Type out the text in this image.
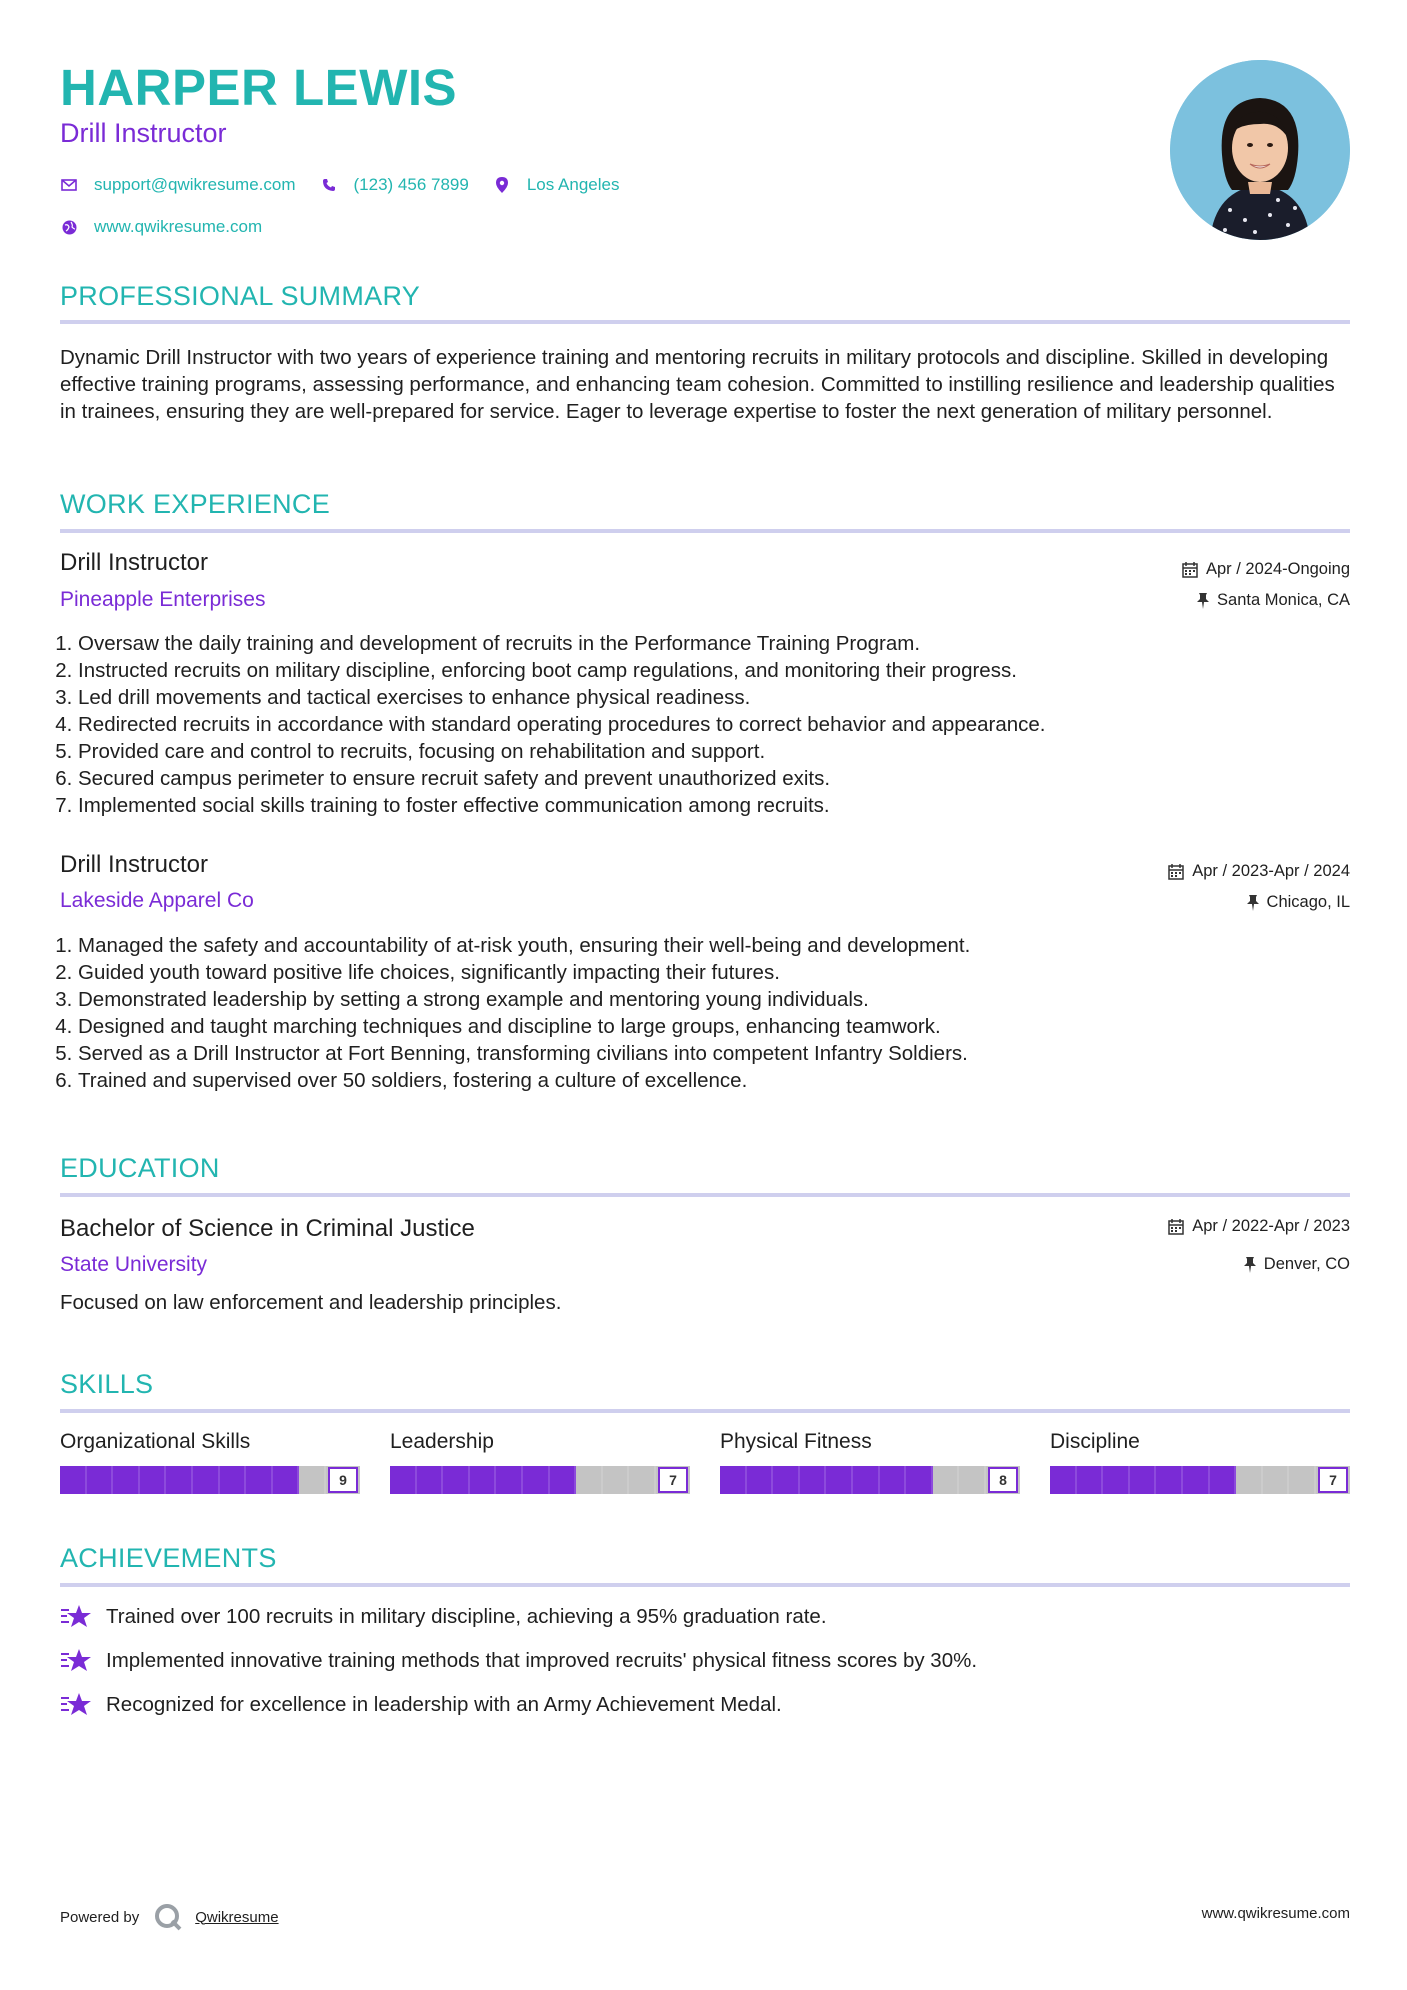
HARPER LEWIS
Drill Instructor
support@qwikresume.com	(123) 456 7899	Los Angeles
www.qwikresume.com
PROFESSIONAL SUMMARY
Dynamic Drill Instructor with two years of experience training and mentoring recruits in military protocols and discipline. Skilled in developing effective training programs, assessing performance, and enhancing team cohesion. Committed to instilling resilience and leadership qualities in trainees, ensuring they are well-prepared for service. Eager to leverage expertise to foster the next generation of military personnel.
WORK EXPERIENCE
Drill Instructor	Apr / 2024-Ongoing
Pineapple Enterprises	Santa Monica, CA
1. Oversaw the daily training and development of recruits in the Performance Training Program.
2. Instructed recruits on military discipline, enforcing boot camp regulations, and monitoring their progress.
3. Led drill movements and tactical exercises to enhance physical readiness.
4. Redirected recruits in accordance with standard operating procedures to correct behavior and appearance.
5. Provided care and control to recruits, focusing on rehabilitation and support.
6. Secured campus perimeter to ensure recruit safety and prevent unauthorized exits.
7. Implemented social skills training to foster effective communication among recruits.
Drill Instructor	Apr / 2023-Apr / 2024
Lakeside Apparel Co	Chicago, IL
1. Managed the safety and accountability of at-risk youth, ensuring their well-being and development.
2. Guided youth toward positive life choices, significantly impacting their futures.
3. Demonstrated leadership by setting a strong example and mentoring young individuals.
4. Designed and taught marching techniques and discipline to large groups, enhancing teamwork.
5. Served as a Drill Instructor at Fort Benning, transforming civilians into competent Infantry Soldiers.
6. Trained and supervised over 50 soldiers, fostering a culture of excellence.
EDUCATION
Bachelor of Science in Criminal Justice	Apr / 2022-Apr / 2023
State University	Denver, CO
Focused on law enforcement and leadership principles.
SKILLS
Organizational Skills
9
Leadership
7
Physical Fitness
8
Discipline
7
ACHIEVEMENTS
Trained over 100 recruits in military discipline, achieving a 95% graduation rate.
Implemented innovative training methods that improved recruits' physical fitness scores by 30%.
Recognized for excellence in leadership with an Army Achievement Medal.
Powered by	Qwikresume	www.qwikresume.com
